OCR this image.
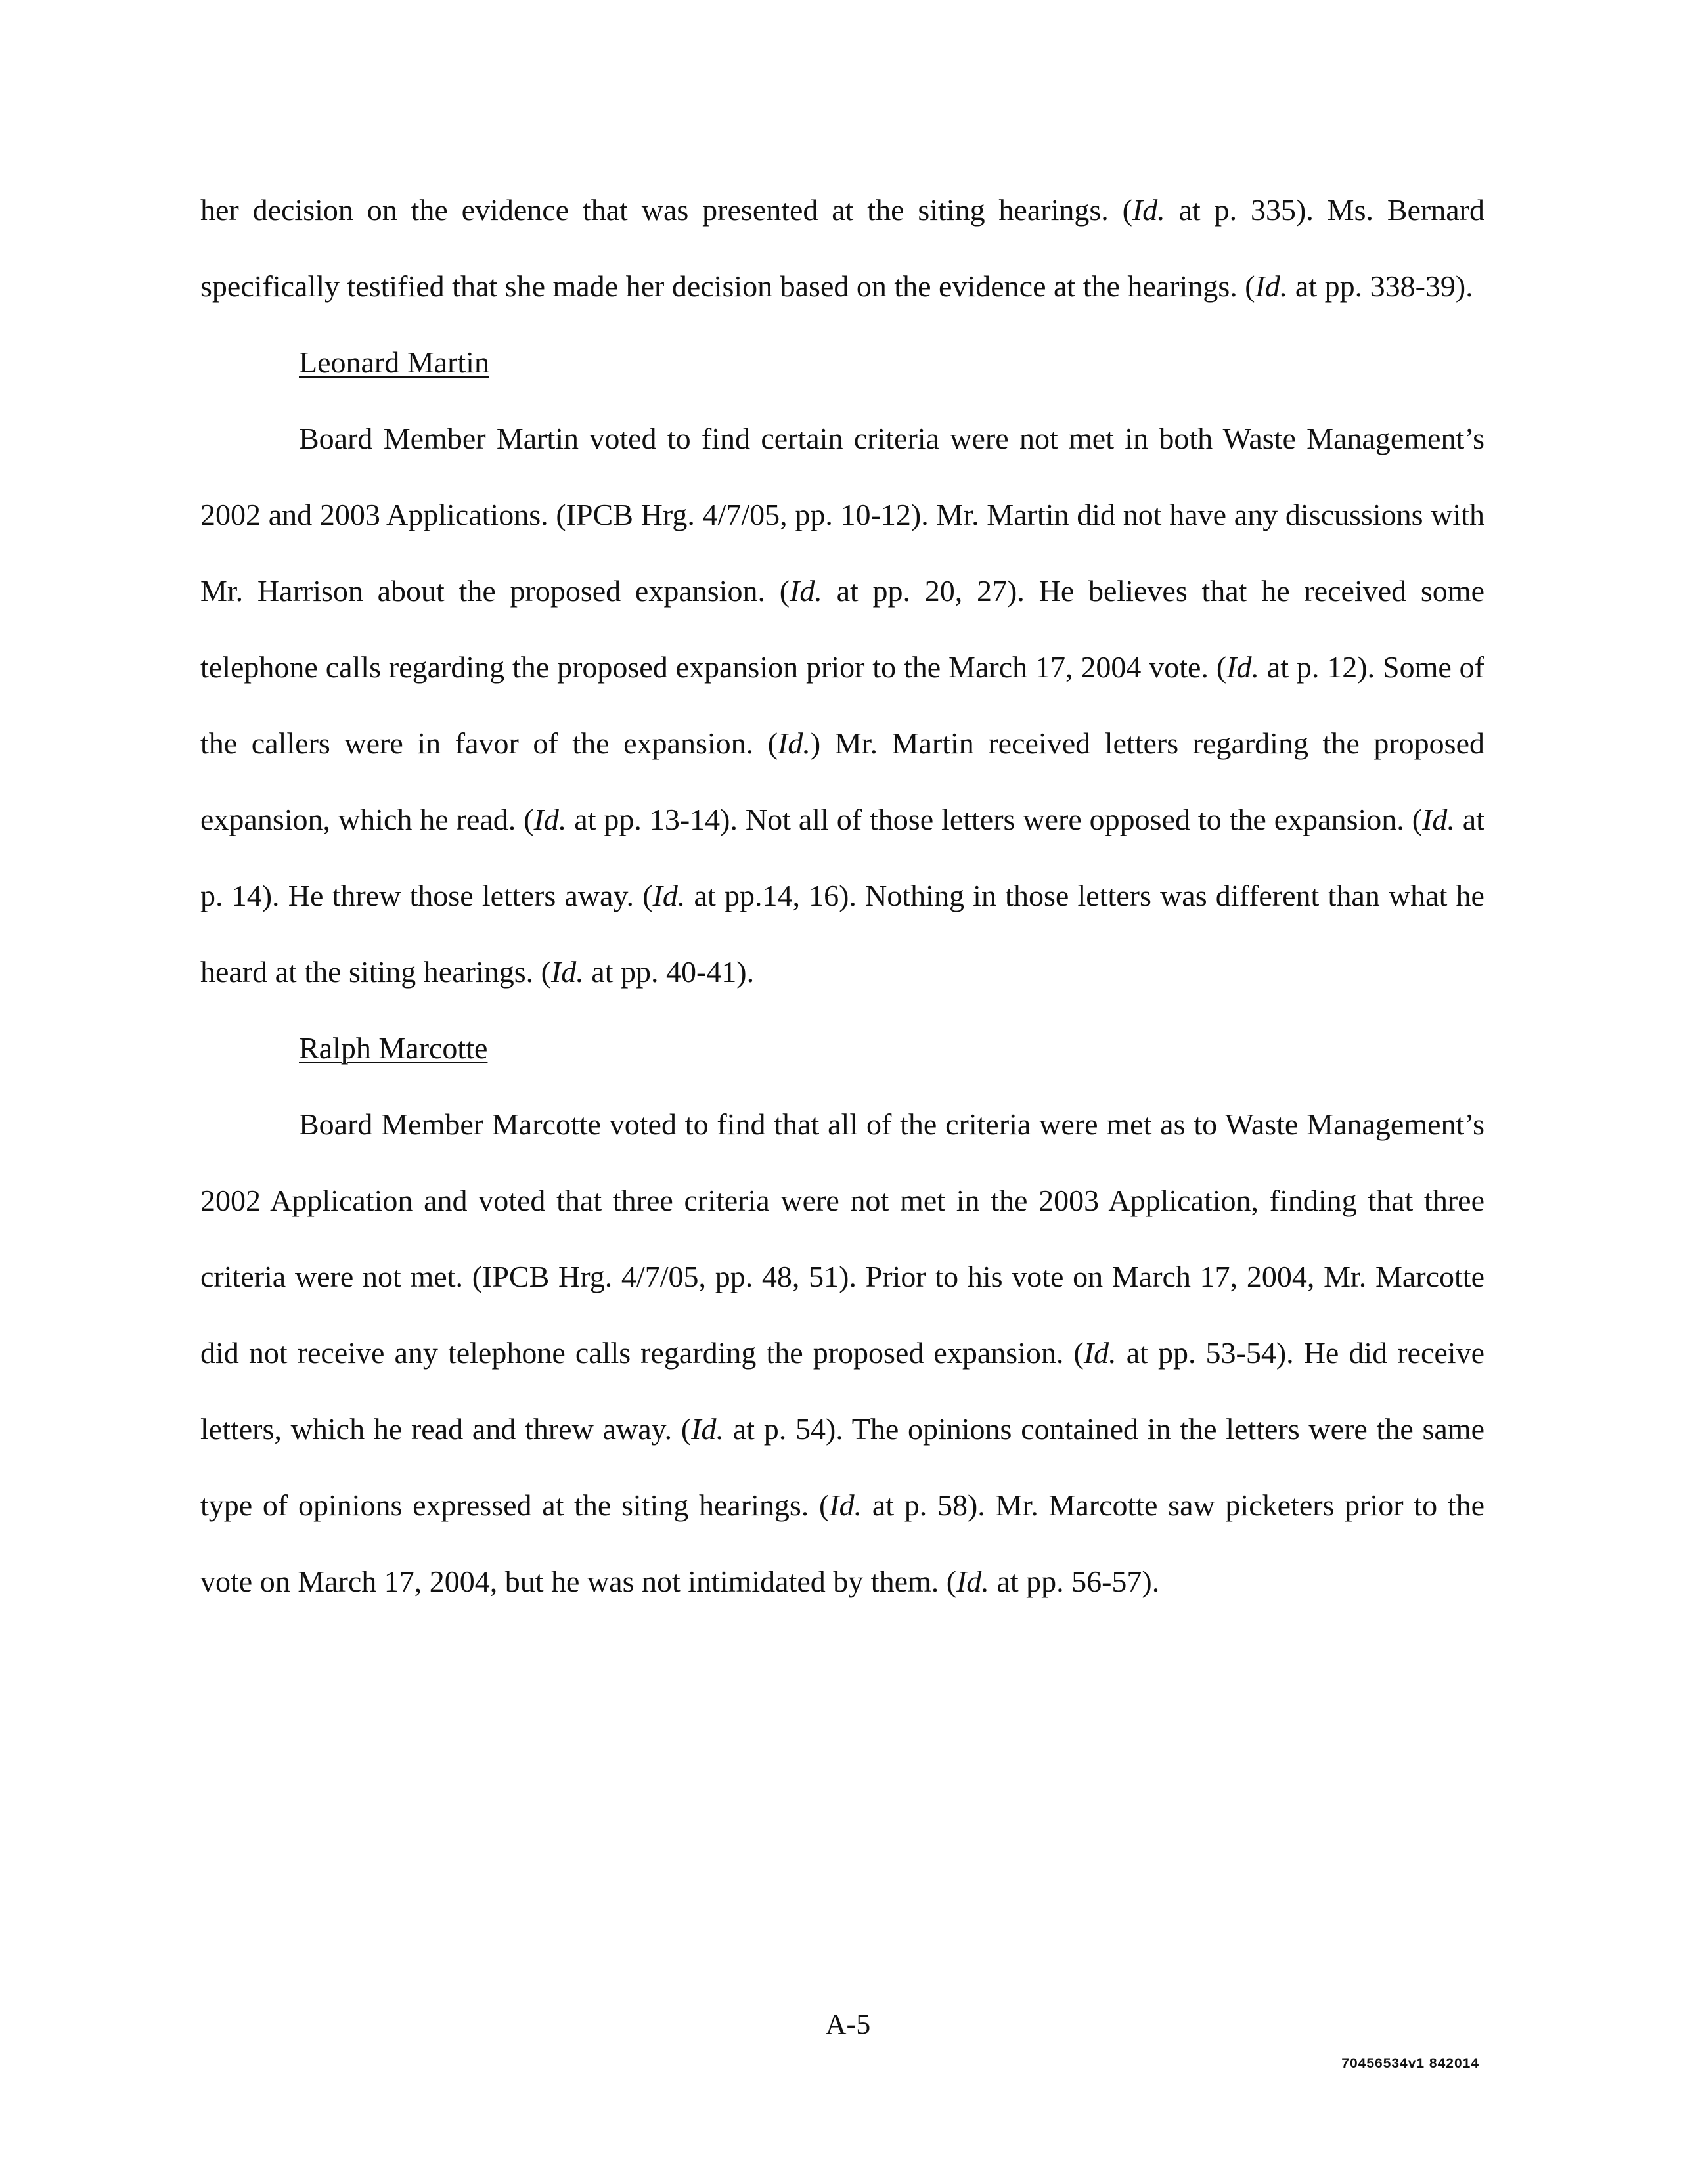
her decision on the evidence that was presented at the siting hearings. (Id. at p. 335). Ms. Bernard specifically testified that she made her decision based on the evidence at the hearings. (Id. at pp. 338-39).

Leonard Martin

Board Member Martin voted to find certain criteria were not met in both Waste Management’s 2002 and 2003 Applications. (IPCB Hrg. 4/7/05, pp. 10-12). Mr. Martin did not have any discussions with Mr. Harrison about the proposed expansion. (Id. at pp. 20, 27). He believes that he received some telephone calls regarding the proposed expansion prior to the March 17, 2004 vote. (Id. at p. 12). Some of the callers were in favor of the expansion. (Id.) Mr. Martin received letters regarding the proposed expansion, which he read. (Id. at pp. 13-14). Not all of those letters were opposed to the expansion. (Id. at p. 14). He threw those letters away. (Id. at pp.14, 16). Nothing in those letters was different than what he heard at the siting hearings. (Id. at pp. 40-41).

Ralph Marcotte

Board Member Marcotte voted to find that all of the criteria were met as to Waste Management’s 2002 Application and voted that three criteria were not met in the 2003 Application, finding that three criteria were not met. (IPCB Hrg. 4/7/05, pp. 48, 51). Prior to his vote on March 17, 2004, Mr. Marcotte did not receive any telephone calls regarding the proposed expansion. (Id. at pp. 53-54). He did receive letters, which he read and threw away. (Id. at p. 54). The opinions contained in the letters were the same type of opinions expressed at the siting hearings. (Id. at p. 58). Mr. Marcotte saw picketers prior to the vote on March 17, 2004, but he was not intimidated by them. (Id. at pp. 56-57).

A-5
70456534v1 842014
